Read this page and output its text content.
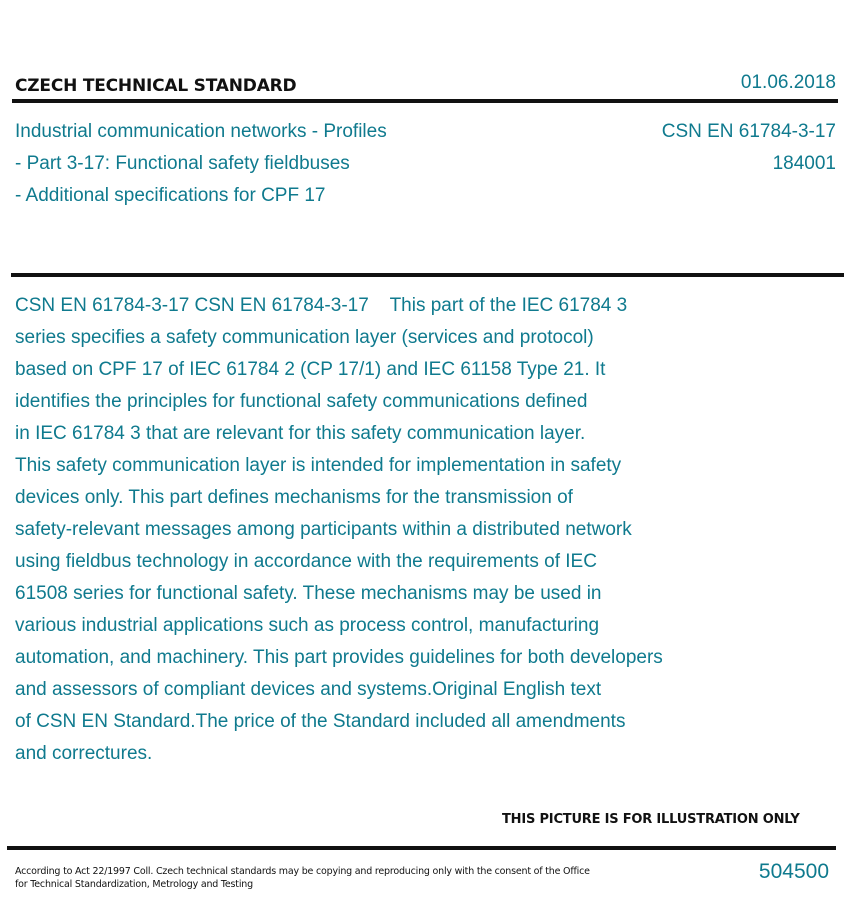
CZECH TECHNICAL STANDARD	01.06.2018
Industrial communication networks - Profiles
- Part 3-17: Functional safety fieldbuses
- Additional specifications for CPF 17
CSN EN 61784-3-17
184001
CSN EN 61784-3-17 CSN EN 61784-3-17    This part of the IEC 61784 3
series specifies a safety communication layer (services and protocol)
based on CPF 17 of IEC 61784 2 (CP 17/1) and IEC 61158 Type 21. It
identifies the principles for functional safety communications defined
in IEC 61784 3 that are relevant for this safety communication layer.
This safety communication layer is intended for implementation in safety
devices only. This part defines mechanisms for the transmission of
safety-relevant messages among participants within a distributed network
using fieldbus technology in accordance with the requirements of IEC
61508 series for functional safety. These mechanisms may be used in
various industrial applications such as process control, manufacturing
automation, and machinery. This part provides guidelines for both developers
and assessors of compliant devices and systems.Original English text
of CSN EN Standard.The price of the Standard included all amendments
and correctures.
THIS PICTURE IS FOR ILLUSTRATION ONLY
According to Act 22/1997 Coll. Czech technical standards may be copying and reproducing only with the consent of the Office
for Technical Standardization, Metrology and Testing
504500
